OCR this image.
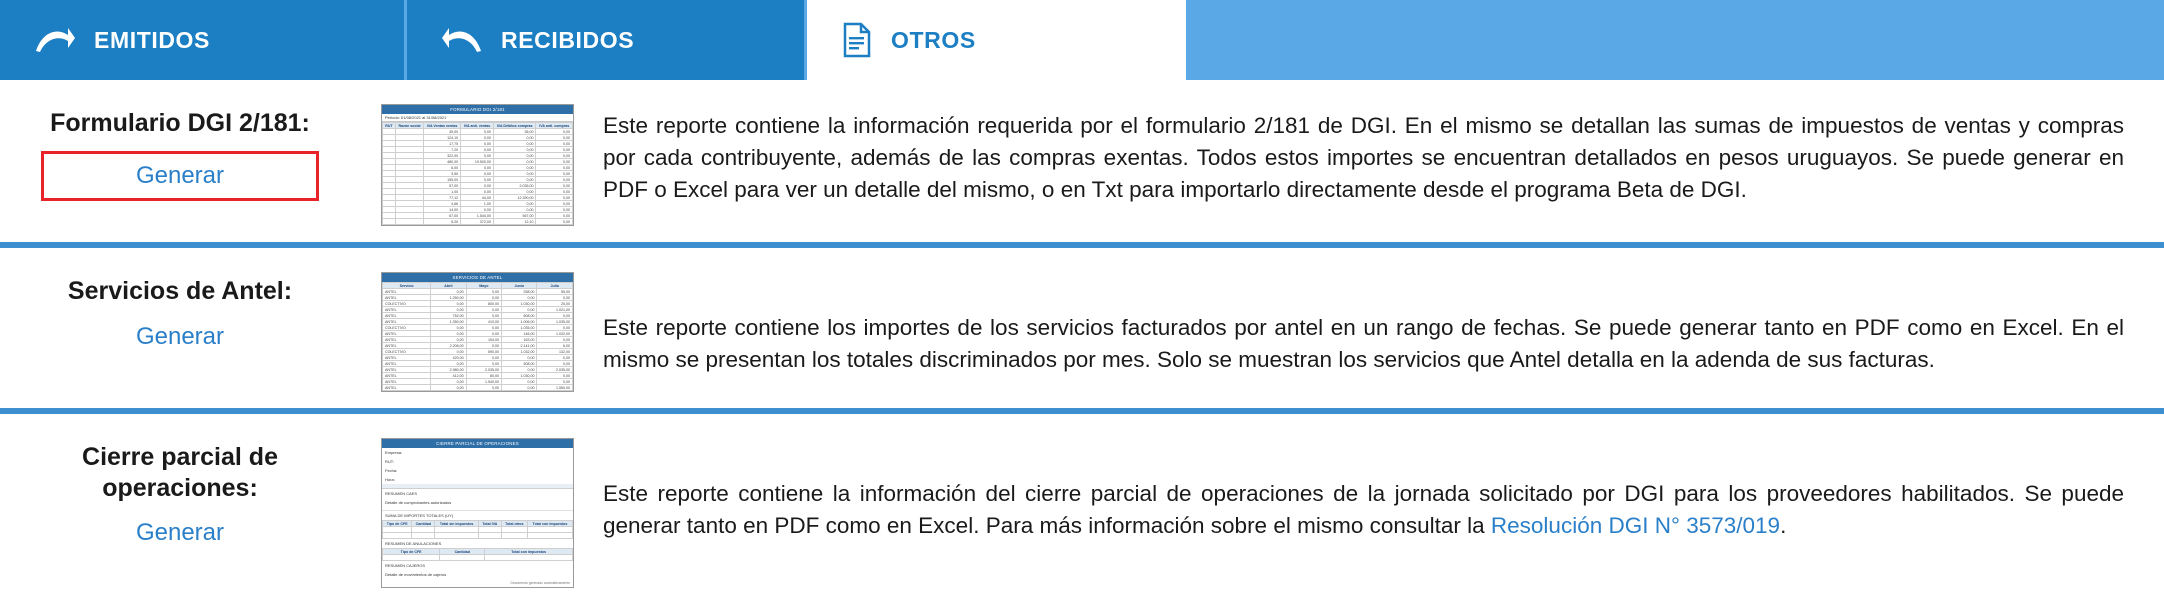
EMITIDOS	RECIBIDOS	OTROS
Formulario DGI 2/181:
Generar
FORMULARIO DGI 2/181
Periodo: 01/08/2021 al 31/08/2021
RUT	Razón social	IVA Ventas ventas	IVA anti. ventas	IVA Débitos compras	IVA anti. compras
		45,00	0,00	36,00	0,00
		124,10	0,00	0,00	0,00
		17,75	0,00	0,00	0,00
		7,20	0,00	0,00	0,00
		322,00	0,00	0,00	0,00
		480,00	19.500,00	0,00	0,00
		6,00	0,00	0,00	0,00
		3,50	0,00	0,00	0,00
		155,00	0,00	0,00	0,00
		57,00	0,00	2.035,00	0,00
		1,00	0,00	0,00	0,00
		77,12	44,00	12.390,00	0,00
		4,66	1,00	0,00	0,00
		14,00	0,00	0,00	0,00
		67,00	1.544,00	567,00	0,00
		5,20	372,00	12,10	0,00
Este reporte contiene la información requerida por el formulario 2/181 de DGI. En el mismo se detallan las sumas de impuestos de ventas y compras por cada contribuyente, además de las compras exentas. Todos estos importes se encuentran detallados en pesos uruguayos. Se puede generar en PDF o Excel para ver un detalle del mismo, o en Txt para importarlo directamente desde el programa Beta de DGI.
Servicios de Antel:
Generar
SERVICIOS DE ANTEL
Servicio	Abril	Mayo	Junio	Julio
ANTEL	0,00	0,00	258,00	55,00
ANTEL	1.250,00	0,00	0,00	0,00
COLECTIVO	0,00	800,00	1.030,00	25,00
ANTEL	0,00	0,00	0,00	1.021,00
ANTEL	752,00	0,00	608,00	0,00
ANTEL	1.350,00	410,00	1.006,00	1.035,00
COLECTIVO	0,00	0,00	1.035,00	0,00
ANTEL	0,00	0,00	146,00	1.032,00
ANTEL	0,00	154,00	163,00	0,00
ANTEL	2.208,00	0,00	2.141,00	6,00
COLECTIVO	0,00	590,00	1.032,00	132,00
ANTEL	420,00	0,00	0,00	0,00
ANTEL	0,00	0,00	508,00	0,00
ANTEL	2.980,00	2.035,00	0,00	2.035,00
ANTEL	412,00	80,00	1.030,00	0,00
ANTEL	0,00	1.540,00	0,00	0,00
ANTEL	0,00	0,00	0,00	1.550,00
Este reporte contiene los importes de los servicios facturados por antel en un rango de fechas. Se puede generar tanto en PDF como en Excel. En el mismo se presentan los totales discriminados por mes. Solo se muestran los servicios que Antel detalla en la adenda de sus facturas.
Cierre parcial de operaciones:
Generar
CIERRE PARCIAL DE OPERACIONES
Empresa:
RUT:
Fecha:
Hora:
RESUMEN CAES
Detalle de comprobantes autorizados
SUMA DE IMPORTES TOTALES (UY)
Tipo de CFE	Cantidad	Total sin impuestos	Total IVA	Total otros	Total con impuestos

RESUMEN DE ANULACIONES
Tipo de CFE	Cantidad	Total con impuestos

RESUMEN CAJEROS
Detalle de movimientos de cajeros
Documento generado automáticamente
Este reporte contiene la información del cierre parcial de operaciones de la jornada solicitado por DGI para los proveedores habilitados. Se puede generar tanto en PDF como en Excel. Para más información sobre el mismo consultar la Resolución DGI N° 3573/019.
